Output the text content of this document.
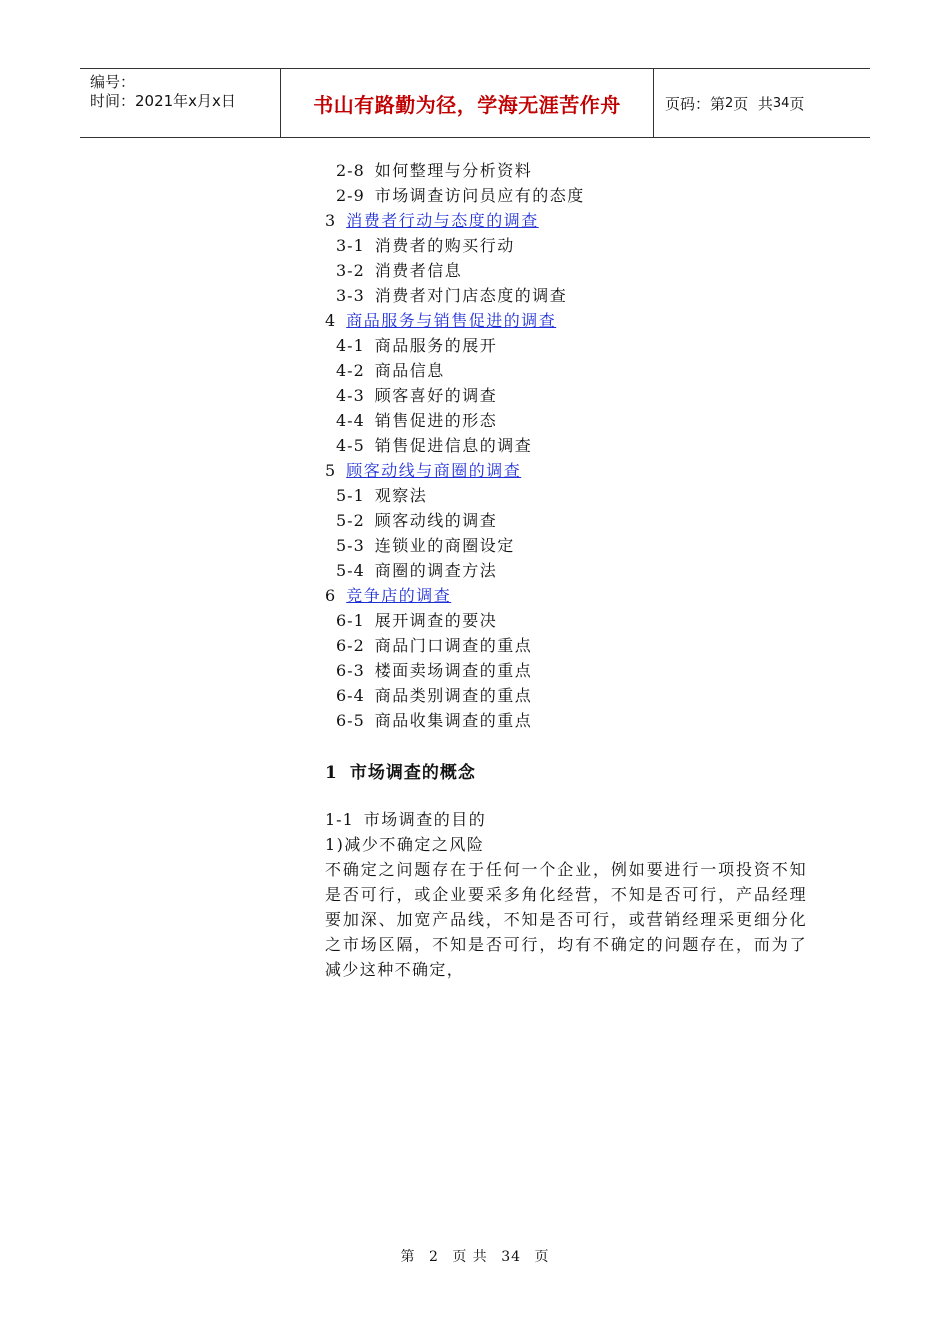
编号：
时间：2021年x月x日	书山有路勤为径，学海无涯苦作舟	页码：第 2 页  共 34 页
2-8 如何整理与分析资料
2-9 市场调查访问员应有的态度
3 消费者行动与态度的调查
3-1 消费者的购买行动
3-2 消费者信息
3-3 消费者对门店态度的调查
4 商品服务与销售促进的调查
4-1 商品服务的展开
4-2 商品信息
4-3 顾客喜好的调查
4-4 销售促进的形态
4-5 销售促进信息的调查
5 顾客动线与商圈的调查
5-1 观察法
5-2 顾客动线的调查
5-3 连锁业的商圈设定
5-4 商圈的调查方法
6 竞争店的调查
6-1 展开调查的要决
6-2 商品门口调查的重点
6-3 楼面卖场调查的重点
6-4 商品类别调查的重点
6-5 商品收集调查的重点
1 市场调查的概念
1-1 市场调查的目的
1)减少不确定之风险
不确定之问题存在于任何一个企业，例如要进行一项投资不知是否可行，或企业要采多角化经营，不知是否可行，产品经理要加深、加宽产品线，不知是否可行，或营销经理采更细分化之市场区隔，不知是否可行，均有不确定的问题存在，而为了减少这种不确定，
第 2 页 共 34 页
